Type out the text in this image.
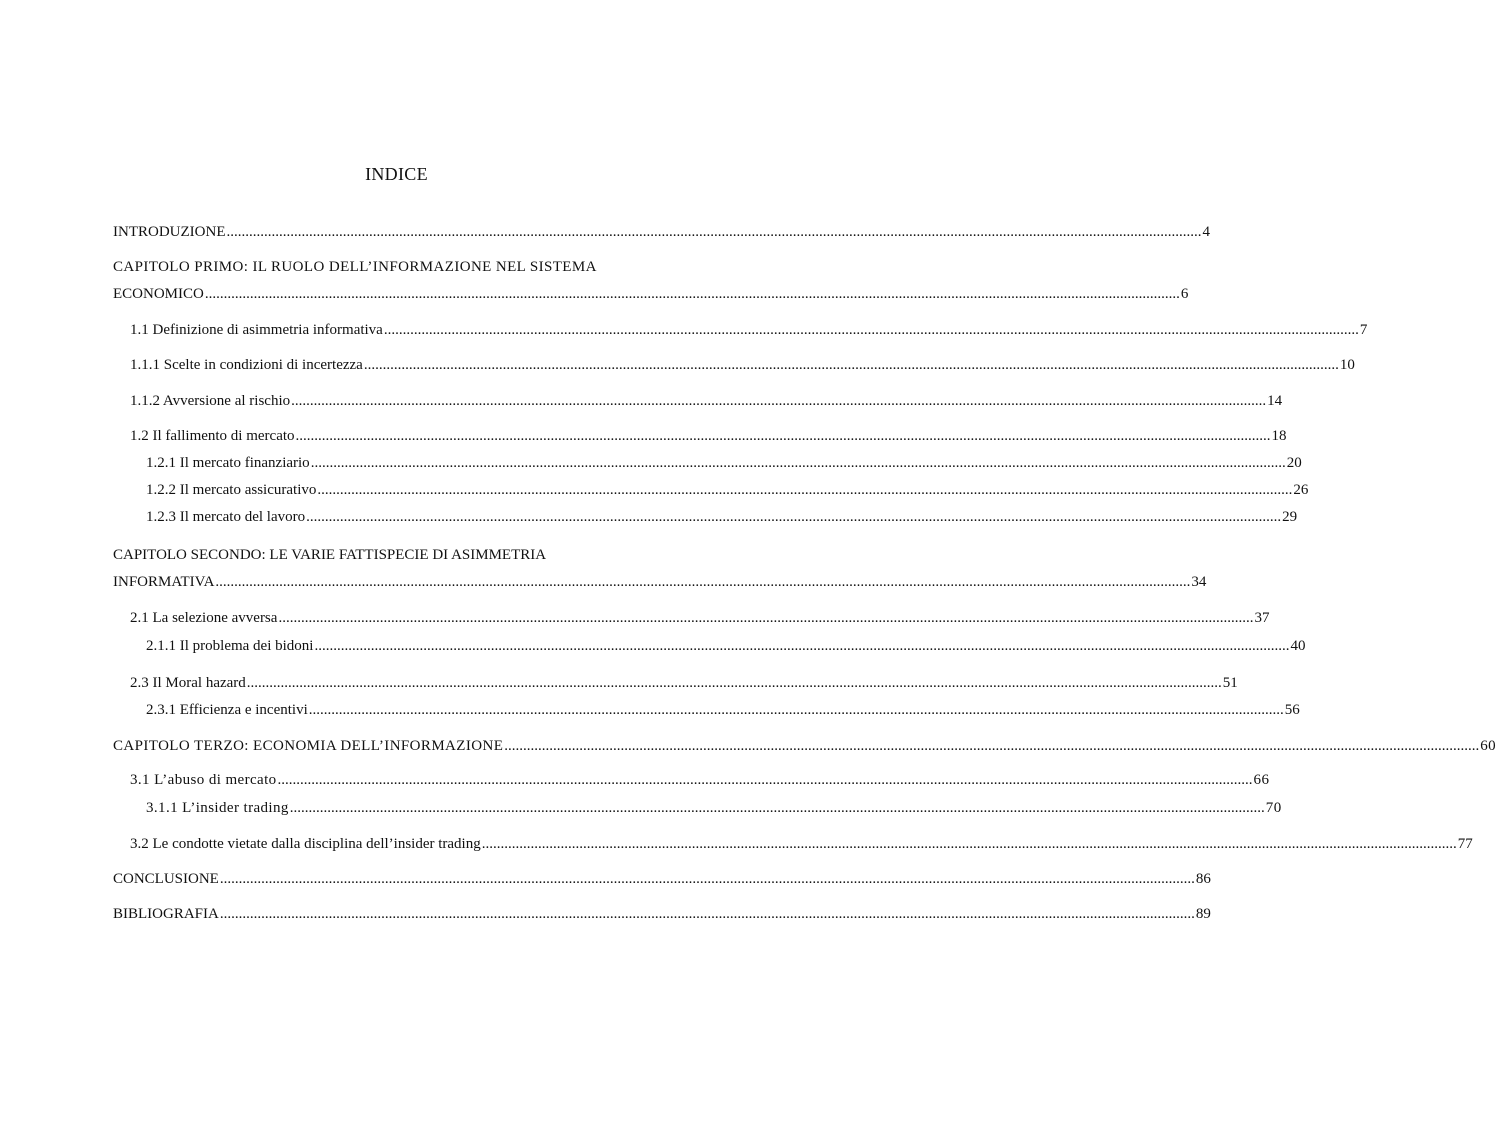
INDICE
INTRODUZIONE .................................................................................................................................................................................................................................................................... 4
CAPITOLO PRIMO: IL RUOLO DELL’INFORMAZIONE NEL SISTEMA
ECONOMICO .................................................................................................................................................................................................................................................................... 6
1.1 Definizione di asimmetria informativa .................................................................................................................................................................................................................................................................... 7
1.1.1 Scelte in condizioni di incertezza .................................................................................................................................................................................................................................................................... 10
1.1.2 Avversione al rischio .................................................................................................................................................................................................................................................................... 14
1.2 Il fallimento di mercato .................................................................................................................................................................................................................................................................... 18
1.2.1 Il mercato finanziario .................................................................................................................................................................................................................................................................... 20
1.2.2 Il mercato assicurativo .................................................................................................................................................................................................................................................................... 26
1.2.3 Il mercato del lavoro .................................................................................................................................................................................................................................................................... 29
CAPITOLO SECONDO: LE VARIE FATTISPECIE DI ASIMMETRIA
INFORMATIVA .................................................................................................................................................................................................................................................................... 34
2.1 La selezione avversa .................................................................................................................................................................................................................................................................... 37
2.1.1 Il problema dei bidoni .................................................................................................................................................................................................................................................................... 40
2.3 Il Moral hazard .................................................................................................................................................................................................................................................................... 51
2.3.1 Efficienza e incentivi .................................................................................................................................................................................................................................................................... 56
CAPITOLO TERZO: ECONOMIA DELL’INFORMAZIONE .................................................................................................................................................................................................................................................................... 60
3.1 L’abuso di mercato .................................................................................................................................................................................................................................................................... 66
3.1.1 L’insider trading .................................................................................................................................................................................................................................................................... 70
3.2 Le condotte vietate dalla disciplina dell’insider trading .................................................................................................................................................................................................................................................................... 77
CONCLUSIONE .................................................................................................................................................................................................................................................................... 86
BIBLIOGRAFIA .................................................................................................................................................................................................................................................................... 89
